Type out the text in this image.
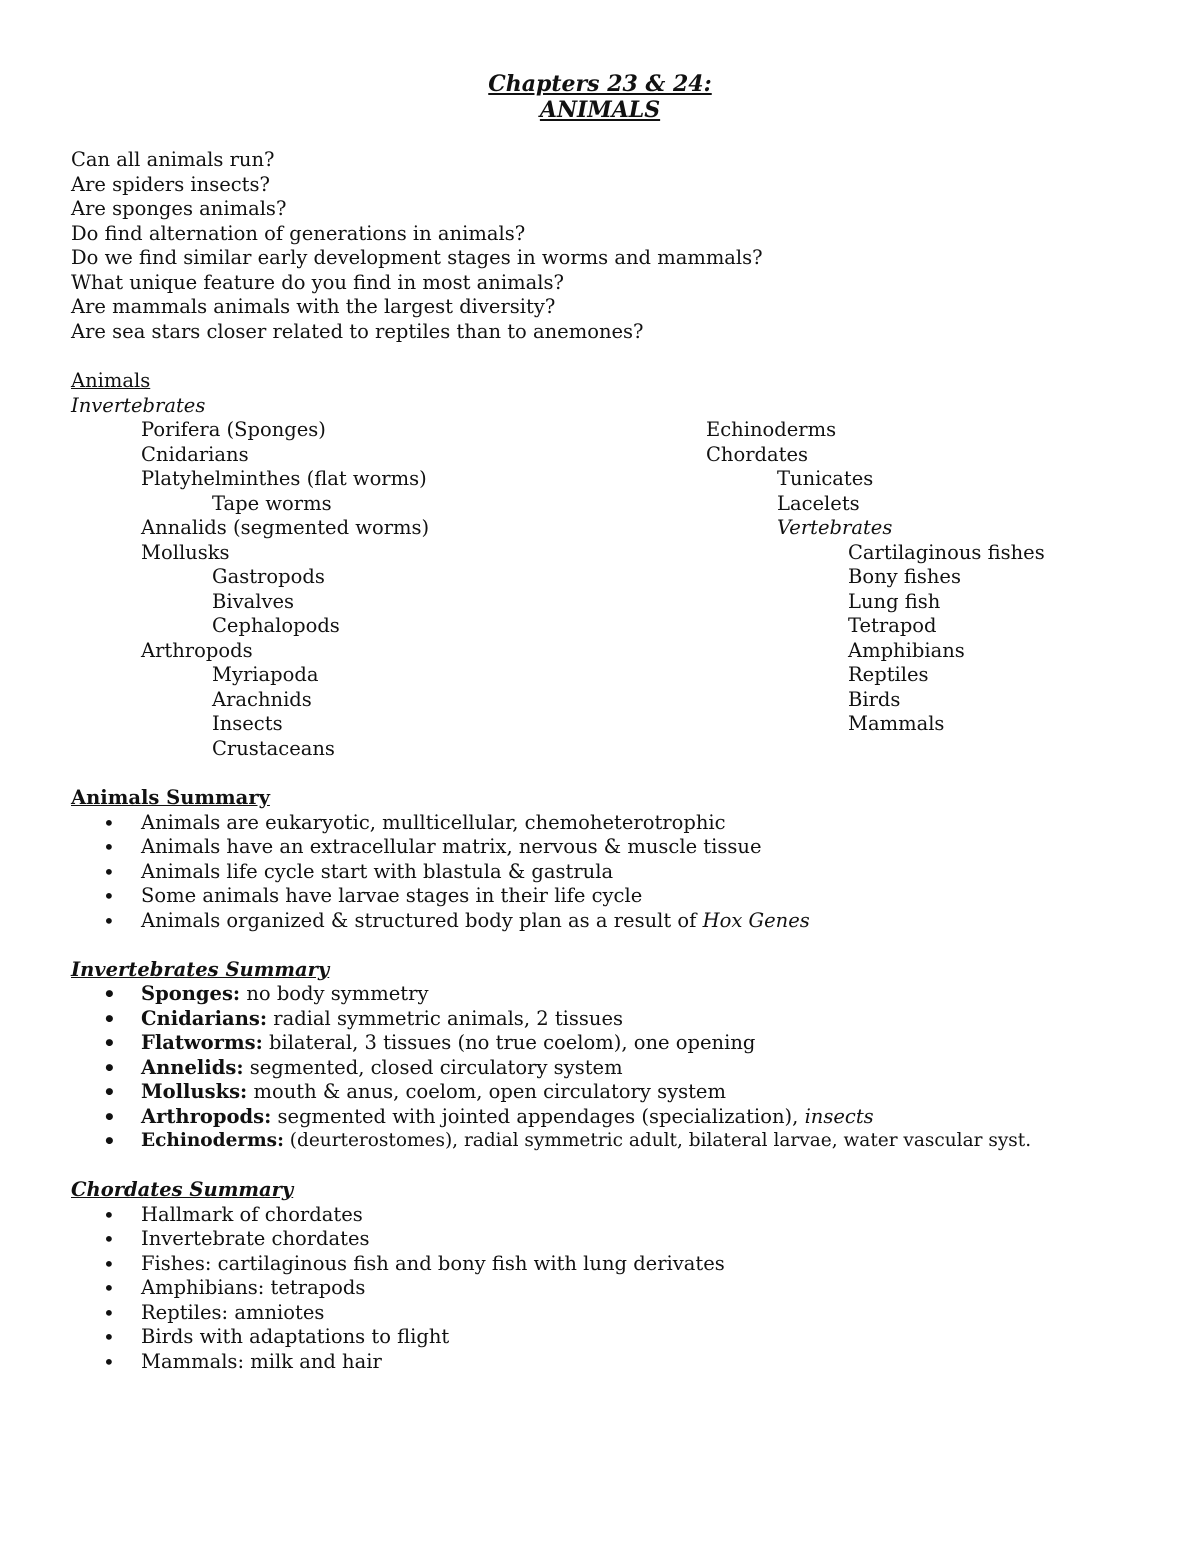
Chapters 23 & 24:
ANIMALS
Can all animals run?
Are spiders insects?
Are sponges animals?
Do find alternation of generations in animals?
Do we find similar early development stages in worms and mammals?
What unique feature do you find in most animals?
Are mammals animals with the largest diversity?
Are sea stars closer related to reptiles than to anemones?
Animals
Invertebrates
Porifera (Sponges)
Cnidarians
Platyhelminthes (flat worms)
Tape worms
Annalids (segmented worms)
Mollusks
Gastropods
Bivalves
Cephalopods
Arthropods
Myriapoda
Arachnids
Insects
Crustaceans
Echinoderms
Chordates
Tunicates
Lacelets
Vertebrates
Cartilaginous fishes
Bony fishes
Lung fish
Tetrapod
Amphibians
Reptiles
Birds
Mammals
Animals Summary
• Animals are eukaryotic, mullticellular, chemoheterotrophic
• Animals have an extracellular matrix, nervous & muscle tissue
• Animals life cycle start with blastula & gastrula
• Some animals have larvae stages in their life cycle
• Animals organized & structured body plan as a result of Hox Genes
Invertebrates Summary
• Sponges: no body symmetry
• Cnidarians: radial symmetric animals, 2 tissues
• Flatworms: bilateral, 3 tissues (no true coelom), one opening
• Annelids: segmented, closed circulatory system
• Mollusks: mouth & anus, coelom, open circulatory system
• Arthropods: segmented with jointed appendages (specialization), insects
• Echinoderms: (deurterostomes), radial symmetric adult, bilateral larvae, water vascular syst.
Chordates Summary
• Hallmark of chordates
• Invertebrate chordates
• Fishes: cartilaginous fish and bony fish with lung derivates
• Amphibians: tetrapods
• Reptiles: amniotes
• Birds with adaptations to flight
• Mammals: milk and hair
